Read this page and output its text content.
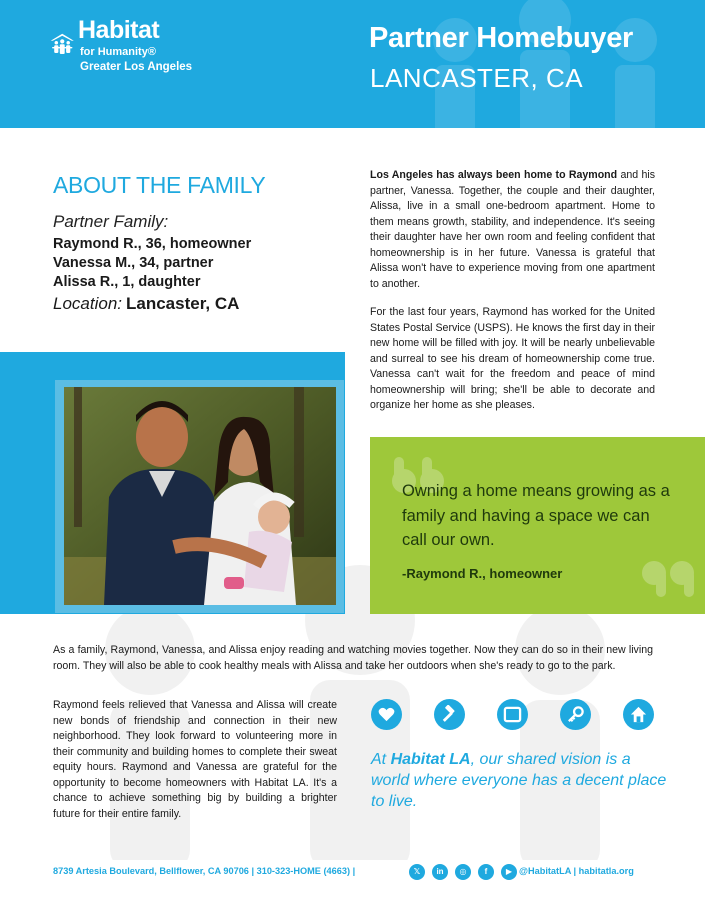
Habitat
for Humanity®
Greater Los Angeles
Partner Homebuyer
LANCASTER, CA
ABOUT THE FAMILY
Partner Family:
Raymond R., 36, homeowner
Vanessa M., 34, partner
Alissa R., 1, daughter
Location: Lancaster, CA
Los Angeles has always been home to Raymond and his partner, Vanessa. Together, the couple and their daughter, Alissa, live in a small one-bedroom apartment. Home to them means growth, stability, and independence. It's seeing their daughter have her own room and feeling confident that homeownership is in her future. Vanessa is grateful that Alissa won't have to experience moving from one apartment to another.
For the last four years, Raymond has worked for the United States Postal Service (USPS). He knows the first day in their new home will be filled with joy. It will be nearly unbelievable and surreal to see his dream of homeownership come true. Vanessa can't wait for the freedom and peace of mind homeownership will bring; she'll be able to decorate and organize her home as she pleases.
Owning a home means growing as a family and having a space we can call our own.
-Raymond R., homeowner
As a family, Raymond, Vanessa, and Alissa enjoy reading and watching movies together. Now they can do so in their new living room. They will also be able to cook healthy meals with Alissa and take her outdoors when she's ready to go to the park.
Raymond feels relieved that Vanessa and Alissa will create new bonds of friendship and connection in their new neighborhood. They look forward to volunteering more in their community and building homes to complete their sweat equity hours. Raymond and Vanessa are grateful for the opportunity to become homeowners with Habitat LA. It's a chance to achieve something big by building a brighter future for their entire family.
At Habitat LA, our shared vision is a world where everyone has a decent place to live.
8739 Artesia Boulevard, Bellflower, CA 90706 | 310-323-HOME (4663) |	𝕏	in	◎	f	▶ @HabitatLA | habitatla.org
